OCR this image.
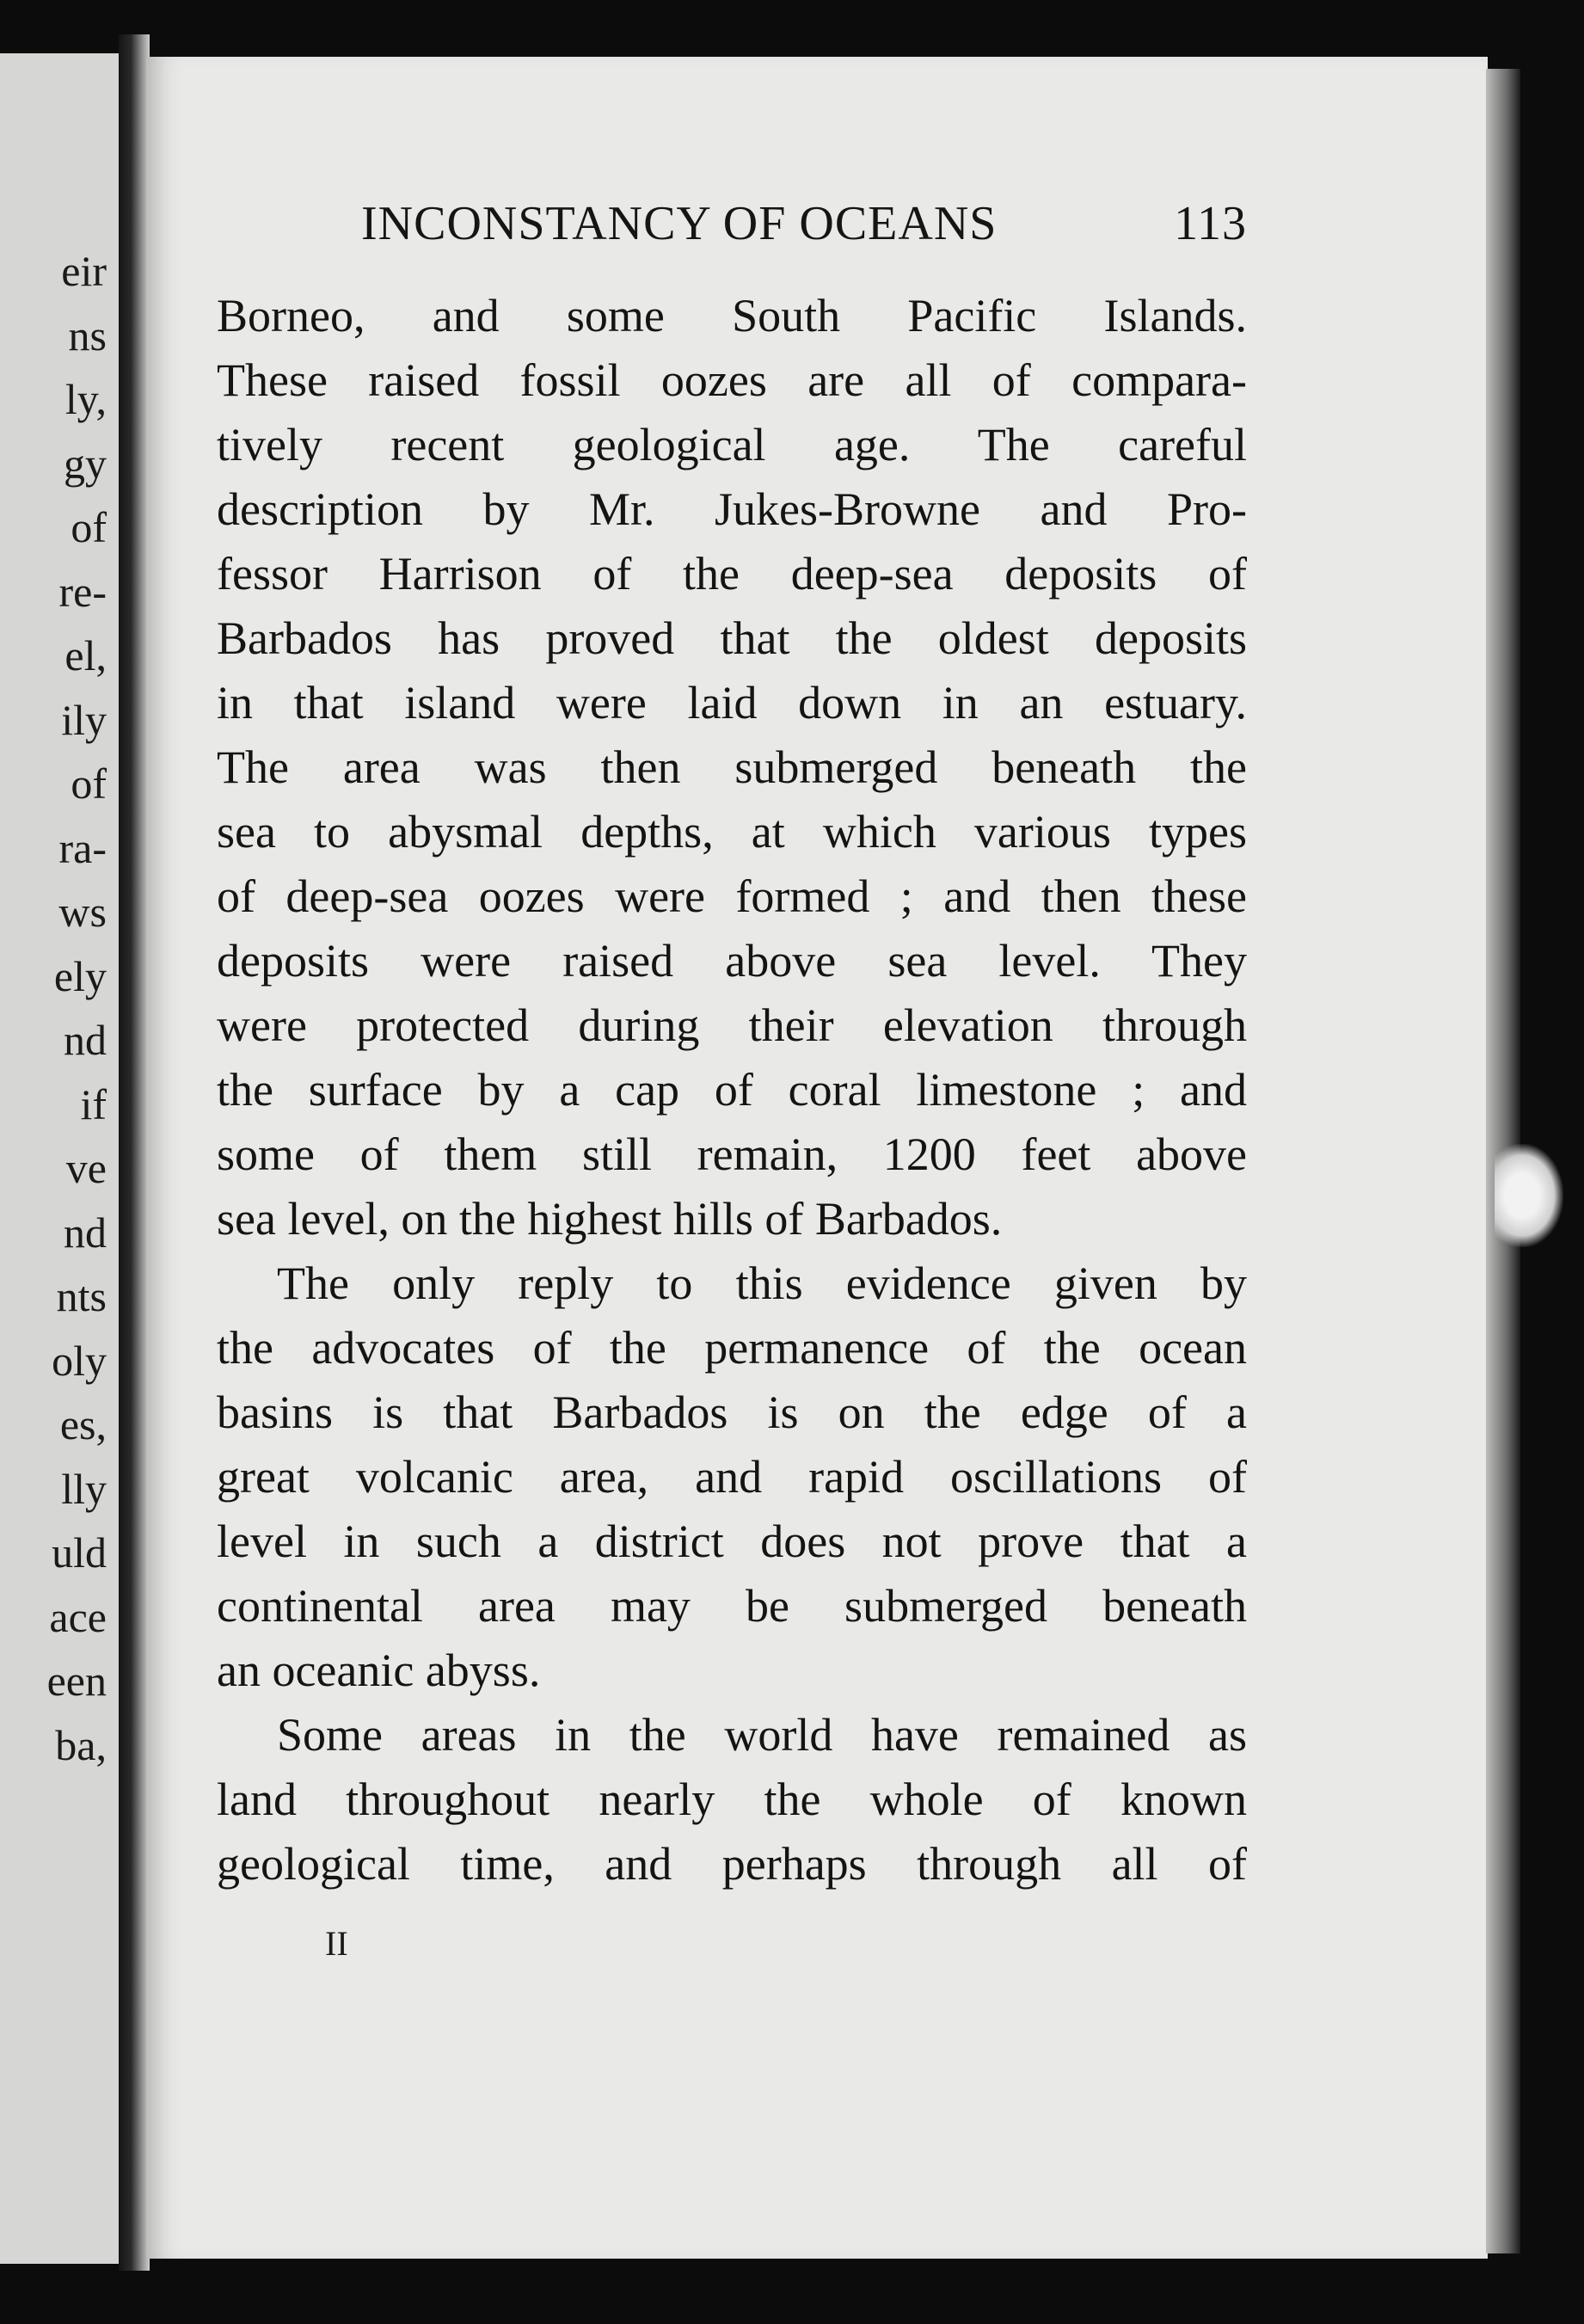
eir
ns
ly,
gy
of
re-
el,
ily
of
ra-
ws
ely
nd
if
ve
nd
nts
oly
es,
lly
uld
ace
een
ba,
INCONSTANCY OF OCEANS	113
Borneo, and some South Pacific Islands.
These raised fossil oozes are all of compara-
tively recent geological age. The careful
description by Mr. Jukes-Browne and Pro-
fessor Harrison of the deep-sea deposits of
Barbados has proved that the oldest deposits
in that island were laid down in an estuary.
The area was then submerged beneath the
sea to abysmal depths, at which various types
of deep-sea oozes were formed ; and then these
deposits were raised above sea level. They
were protected during their elevation through
the surface by a cap of coral limestone ; and
some of them still remain, 1200 feet above
sea level, on the highest hills of Barbados.
The only reply to this evidence given by
the advocates of the permanence of the ocean
basins is that Barbados is on the edge of a
great volcanic area, and rapid oscillations of
level in such a district does not prove that a
continental area may be submerged beneath
an oceanic abyss.
Some areas in the world have remained as
land throughout nearly the whole of known
geological time, and perhaps through all of
II
